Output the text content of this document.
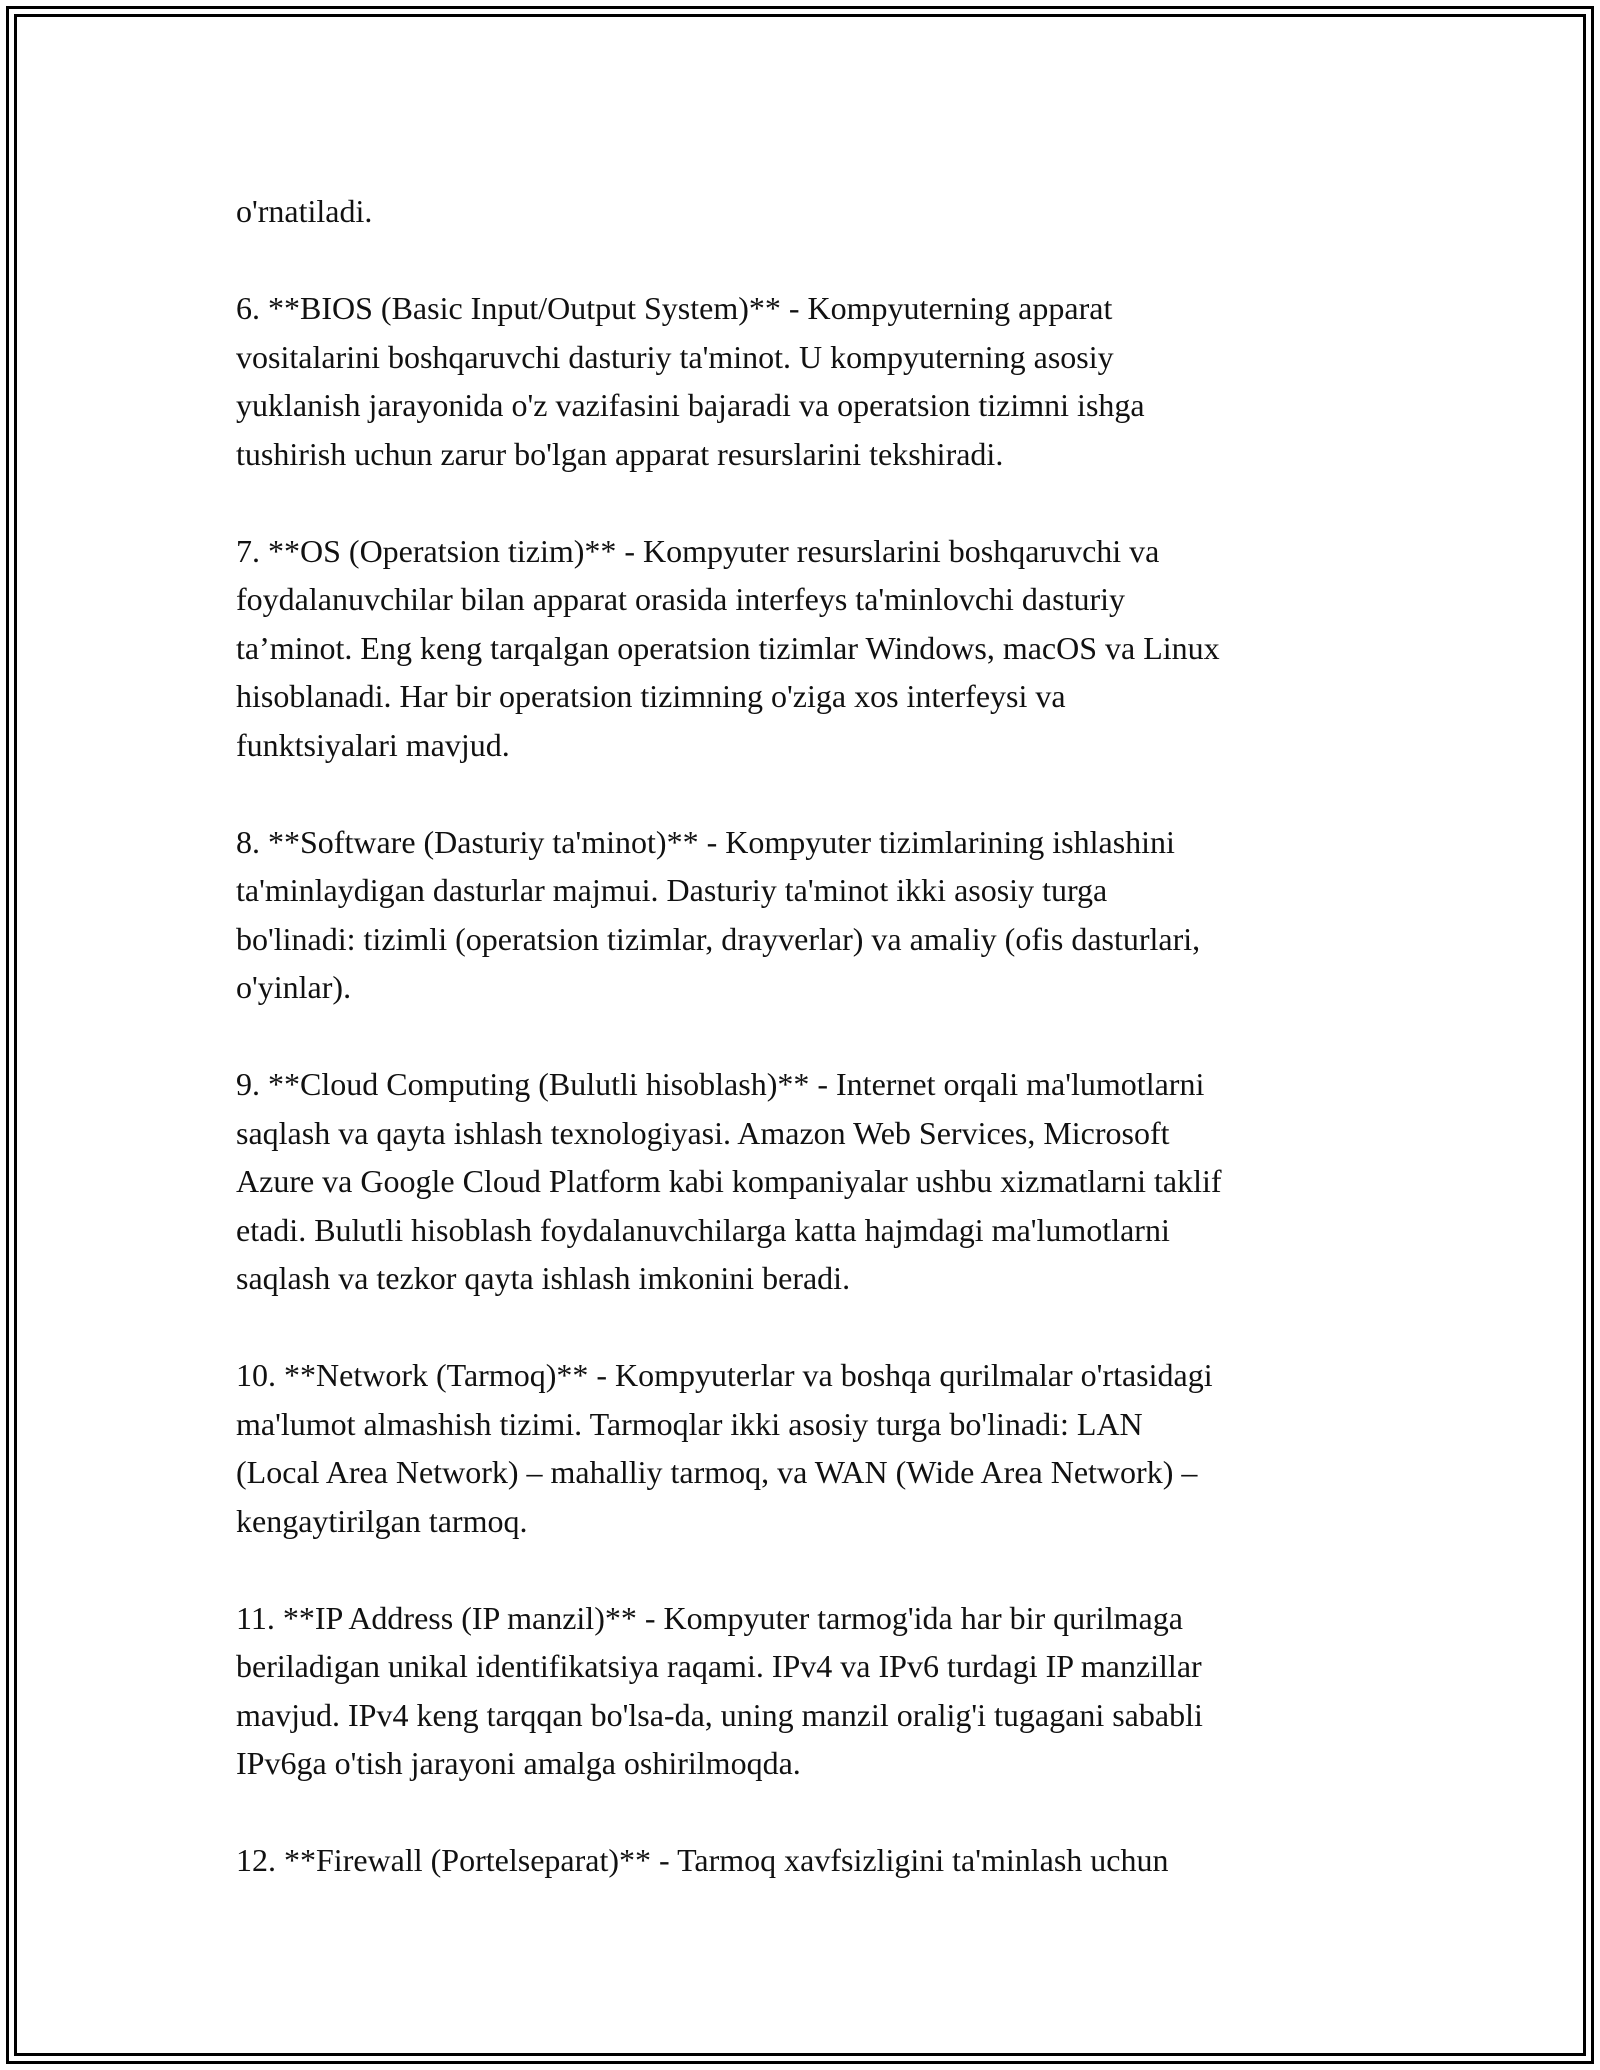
o'rnatiladi.

6. **BIOS (Basic Input/Output System)** - Kompyuterning apparat
vositalarini boshqaruvchi dasturiy ta'minot. U kompyuterning asosiy
yuklanish jarayonida o'z vazifasini bajaradi va operatsion tizimni ishga
tushirish uchun zarur bo'lgan apparat resurslarini tekshiradi.

7. **OS (Operatsion tizim)** - Kompyuter resurslarini boshqaruvchi va
foydalanuvchilar bilan apparat orasida interfeys ta'minlovchi dasturiy
ta’minot. Eng keng tarqalgan operatsion tizimlar Windows, macOS va Linux
hisoblanadi. Har bir operatsion tizimning o'ziga xos interfeysi va
funktsiyalari mavjud.

8. **Software (Dasturiy ta'minot)** - Kompyuter tizimlarining ishlashini
ta'minlaydigan dasturlar majmui. Dasturiy ta'minot ikki asosiy turga
bo'linadi: tizimli (operatsion tizimlar, drayverlar) va amaliy (ofis dasturlari,
o'yinlar).

9. **Cloud Computing (Bulutli hisoblash)** - Internet orqali ma'lumotlarni
saqlash va qayta ishlash texnologiyasi. Amazon Web Services, Microsoft
Azure va Google Cloud Platform kabi kompaniyalar ushbu xizmatlarni taklif
etadi. Bulutli hisoblash foydalanuvchilarga katta hajmdagi ma'lumotlarni
saqlash va tezkor qayta ishlash imkonini beradi.

10. **Network (Tarmoq)** - Kompyuterlar va boshqa qurilmalar o'rtasidagi
ma'lumot almashish tizimi. Tarmoqlar ikki asosiy turga bo'linadi: LAN
(Local Area Network) – mahalliy tarmoq, va WAN (Wide Area Network) –
kengaytirilgan tarmoq.

11. **IP Address (IP manzil)** - Kompyuter tarmog'ida har bir qurilmaga
beriladigan unikal identifikatsiya raqami. IPv4 va IPv6 turdagi IP manzillar
mavjud. IPv4 keng tarqqan bo'lsa-da, uning manzil oralig'i tugagani sababli
IPv6ga o'tish jarayoni amalga oshirilmoqda.

12. **Firewall (Portelseparat)** - Tarmoq xavfsizligini ta'minlash uchun
